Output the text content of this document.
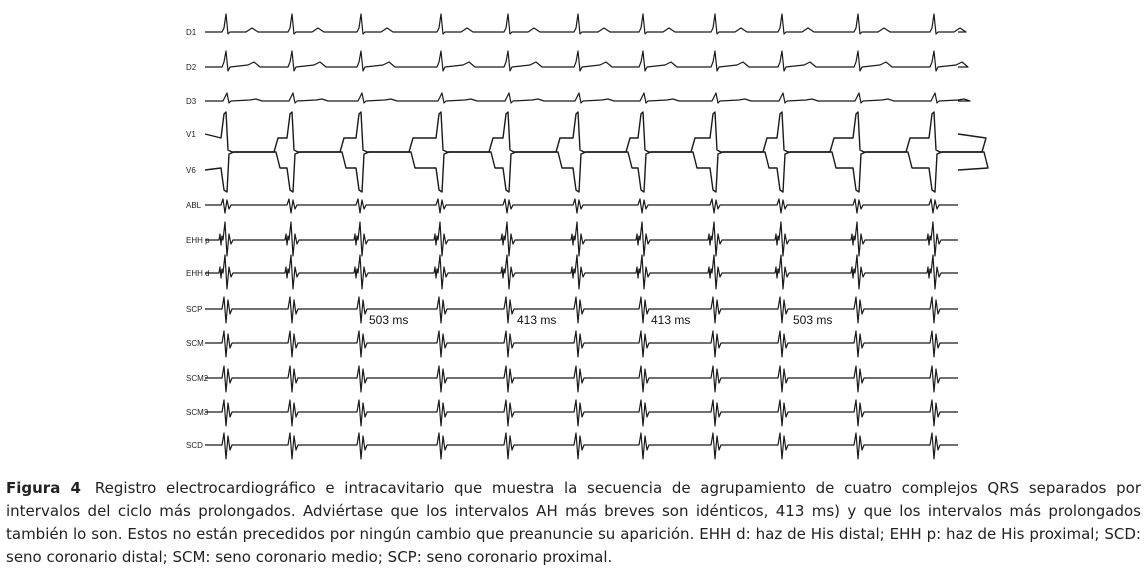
D1
D2
D3
V1
V6
ABL
EHH p
EHH d
SCP
SCM
SCM2
SCM3
SCD
503 ms	413 ms	413 ms	503 ms
Figura 4 Registro electrocardiográfico e intracavitario que muestra la secuencia de agrupamiento de cuatro complejos QRS separados por intervalos del ciclo más prolongados. Adviértase que los intervalos AH más breves son idénticos, 413 ms) y que los intervalos más prolongados también lo son. Estos no están precedidos por ningún cambio que preanuncie su aparición. EHH d: haz de His distal; EHH p: haz de His proximal; SCD: seno coronario distal; SCM: seno coronario medio; SCP: seno coronario proximal.
